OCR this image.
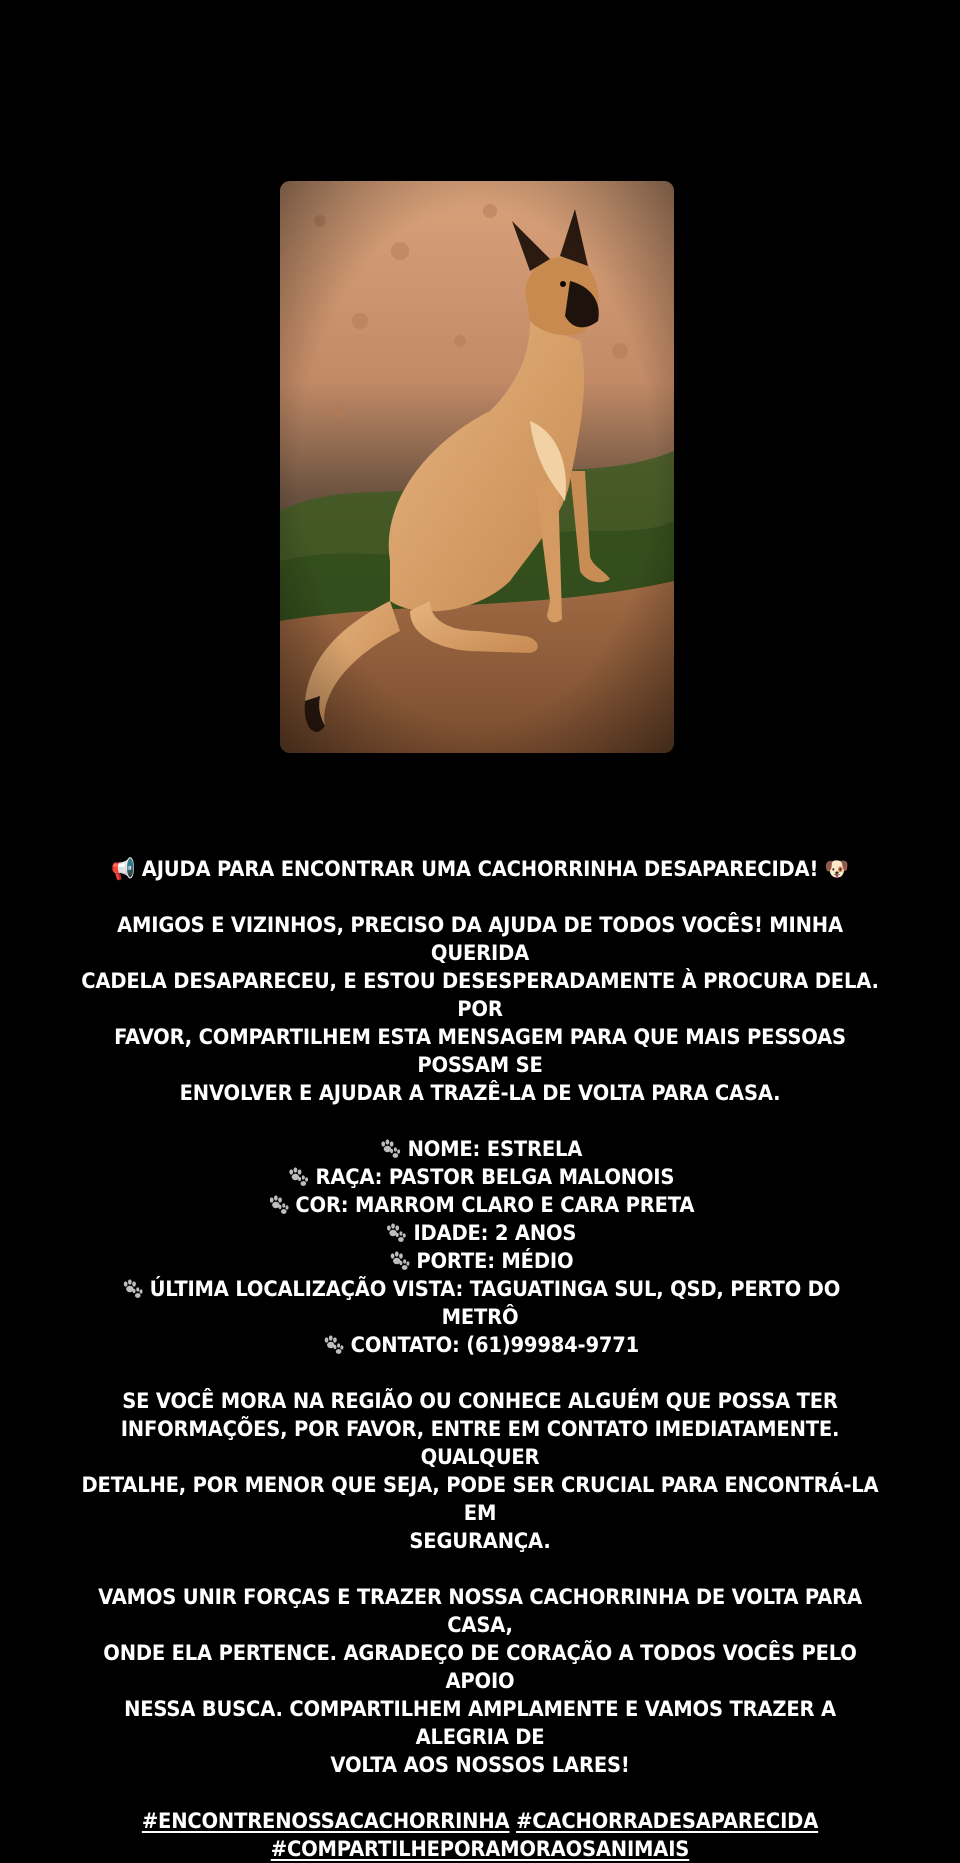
📢 AJUDA PARA ENCONTRAR UMA CACHORRINHA DESAPARECIDA! 🐶

AMIGOS E VIZINHOS, PRECISO DA AJUDA DE TODOS VOCÊS! MINHA QUERIDA
CADELA DESAPARECEU, E ESTOU DESESPERADAMENTE À PROCURA DELA. POR
FAVOR, COMPARTILHEM ESTA MENSAGEM PARA QUE MAIS PESSOAS POSSAM SE
ENVOLVER E AJUDAR A TRAZÊ-LA DE VOLTA PARA CASA.

NOME: ESTRELA
RAÇA: PASTOR BELGA MALONOIS
COR: MARROM CLARO E CARA PRETA
IDADE: 2 ANOS
PORTE: MÉDIO
ÚLTIMA LOCALIZAÇÃO VISTA: TAGUATINGA SUL, QSD, PERTO DO METRÔ
CONTATO: (61)99984-9771

SE VOCÊ MORA NA REGIÃO OU CONHECE ALGUÉM QUE POSSA TER
INFORMAÇÕES, POR FAVOR, ENTRE EM CONTATO IMEDIATAMENTE. QUALQUER
DETALHE, POR MENOR QUE SEJA, PODE SER CRUCIAL PARA ENCONTRÁ-LA EM
SEGURANÇA.

VAMOS UNIR FORÇAS E TRAZER NOSSA CACHORRINHA DE VOLTA PARA CASA,
ONDE ELA PERTENCE. AGRADEÇO DE CORAÇÃO A TODOS VOCÊS PELO APOIO
NESSA BUSCA. COMPARTILHEM AMPLAMENTE E VAMOS TRAZER A ALEGRIA DE
VOLTA AOS NOSSOS LARES!

#ENCONTRENOSSACACHORRINHA #CACHORRADESAPARECIDA
#COMPARTILHEPORAMORAOSANIMAIS
